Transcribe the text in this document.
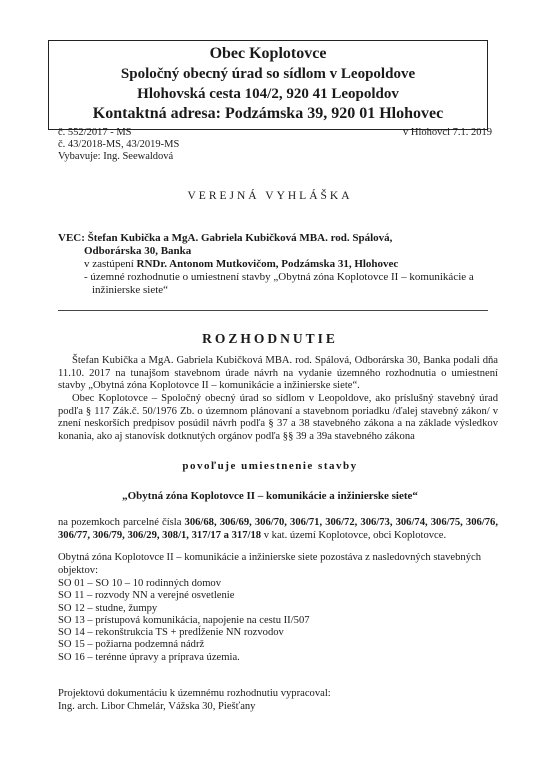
Obec Koplotovce
Spoločný obecný úrad so sídlom v Leopoldove
Hlohovská cesta 104/2, 920 41 Leopoldov
Kontaktná adresa: Podzámska 39, 920 01 Hlohovec
č. 552/2017 - MS
č. 43/2018-MS, 43/2019-MS
Vybavuje: Ing. Seewaldová
v Hlohovci 7.1. 2019
VEREJNÁ VYHLÁŠKA
VEC: Štefan Kubička a MgA. Gabriela Kubičková MBA. rod. Spálová,
Odborárska 30, Banka
v zastúpení RNDr. Antonom Mutkovičom, Podzámska 31, Hlohovec
- územné rozhodnutie o umiestnení stavby „Obytná zóna Koplotovce II – komunikácie a
inžinierske siete“
ROZHODNUTIE
Štefan Kubička a MgA. Gabriela Kubičková MBA. rod. Spálová, Odborárska 30, Banka podali dňa 11.10. 2017 na tunajšom stavebnom úrade návrh na vydanie územného rozhodnutia o umiestnení stavby „Obytná zóna Koplotovce II – komunikácie a inžinierske siete“.
Obec Koplotovce – Spoločný obecný úrad so sídlom v Leopoldove, ako príslušný stavebný úrad podľa § 117 Zák.č. 50/1976 Zb. o územnom plánovaní a stavebnom poriadku /ďalej stavebný zákon/ v znení neskorších predpisov posúdil návrh podľa § 37 a 38 stavebného zákona a na základe výsledkov konania, ako aj stanovísk dotknutých orgánov podľa §§ 39 a 39a stavebného zákona
povoľuje umiestnenie stavby
„Obytná zóna Koplotovce II – komunikácie a inžinierske siete“
na pozemkoch parcelné čísla 306/68, 306/69, 306/70, 306/71, 306/72, 306/73, 306/74, 306/75, 306/76, 306/77, 306/79, 306/29, 308/1, 317/17 a 317/18 v kat. území Koplotovce, obci Koplotovce.
Obytná zóna Koplotovce II – komunikácie a inžinierske siete pozostáva z nasledovných stavebných objektov:
SO 01 – SO 10 – 10 rodinných domov
SO 11 – rozvody NN a verejné osvetlenie
SO 12 – studne, žumpy
SO 13 – prístupová komunikácia, napojenie na cestu II/507
SO 14 – rekonštrukcia TS + predĺženie NN rozvodov
SO 15 – požiarna podzemná nádrž
SO 16 – terénne úpravy a príprava územia.
Projektovú dokumentáciu k územnému rozhodnutiu vypracoval:
Ing. arch. Libor Chmelár, Vážska 30, Piešťany
